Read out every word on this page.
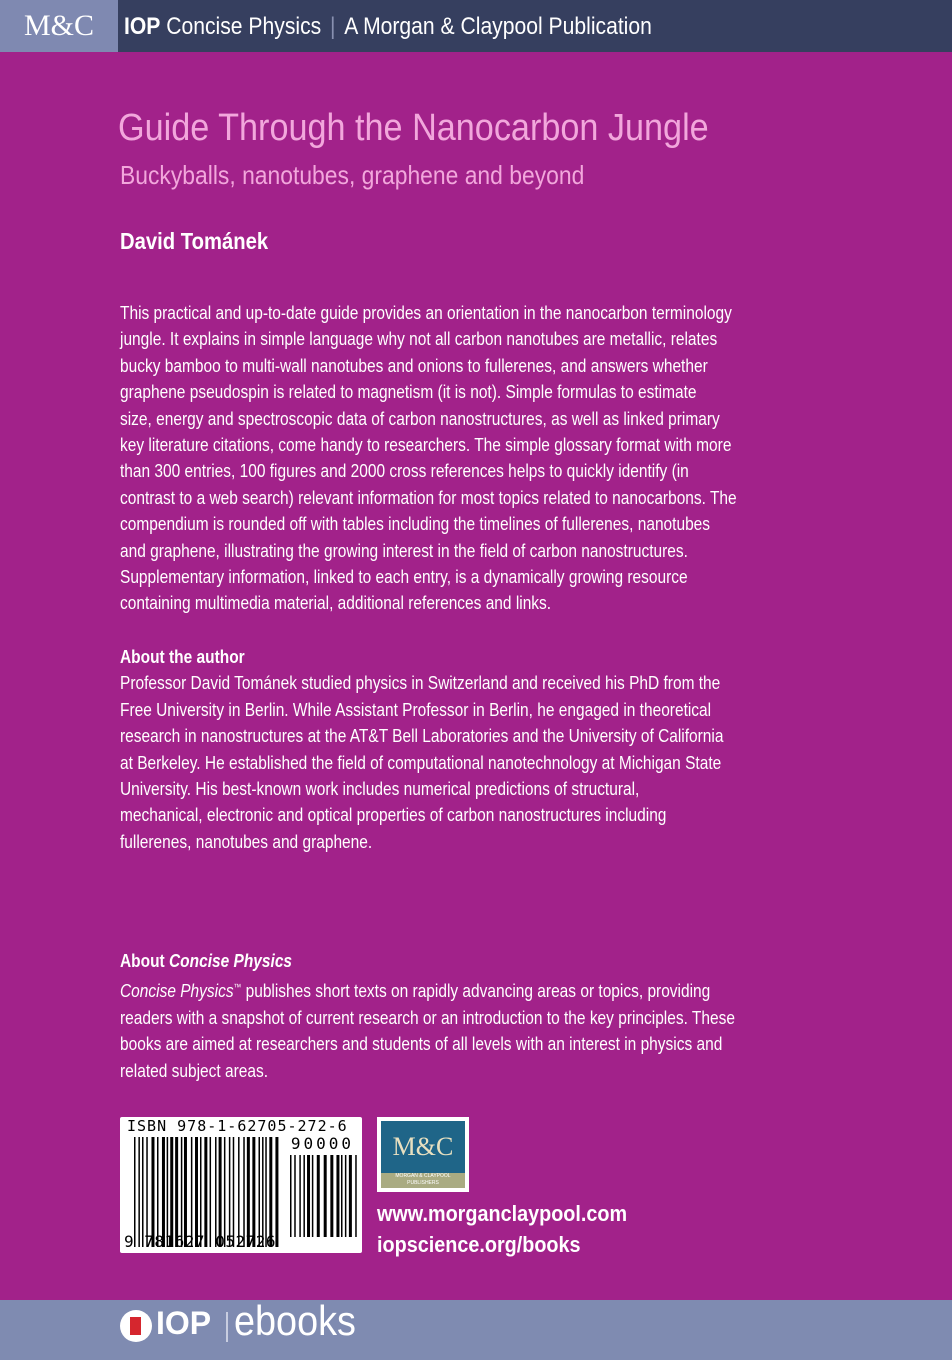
M&C IOP Concise Physics | A Morgan & Claypool Publication
Guide Through the Nanocarbon Jungle
Buckyballs, nanotubes, graphene and beyond
David Tománek
This practical and up-to-date guide provides an orientation in the nanocarbon terminology
jungle. It explains in simple language why not all carbon nanotubes are metallic, relates
bucky bamboo to multi-wall nanotubes and onions to fullerenes, and answers whether
graphene pseudospin is related to magnetism (it is not). Simple formulas to estimate
size, energy and spectroscopic data of carbon nanostructures, as well as linked primary
key literature citations, come handy to researchers. The simple glossary format with more
than 300 entries, 100 figures and 2000 cross references helps to quickly identify (in
contrast to a web search) relevant information for most topics related to nanocarbons. The
compendium is rounded off with tables including the timelines of fullerenes, nanotubes
and graphene, illustrating the growing interest in the field of carbon nanostructures.
Supplementary information, linked to each entry, is a dynamically growing resource
containing multimedia material, additional references and links.
About the author
Professor David Tománek studied physics in Switzerland and received his PhD from the
Free University in Berlin. While Assistant Professor in Berlin, he engaged in theoretical
research in nanostructures at the AT&T Bell Laboratories and the University of California
at Berkeley. He established the field of computational nanotechnology at Michigan State
University. His best-known work includes numerical predictions of structural,
mechanical, electronic and optical properties of carbon nanostructures including
fullerenes, nanotubes and graphene.
About Concise Physics
Concise Physics™ publishes short texts on rapidly advancing areas or topics, providing
readers with a snapshot of current research or an introduction to the key principles. These
books are aimed at researchers and students of all levels with an interest in physics and
related subject areas.
ISBN 978-1-62705-272-6
90000
9 781627 052726
M&C
MORGAN & CLAYPOOL PUBLISHERS
www.morganclaypool.com
iopscience.org/books
IOP ebooks
